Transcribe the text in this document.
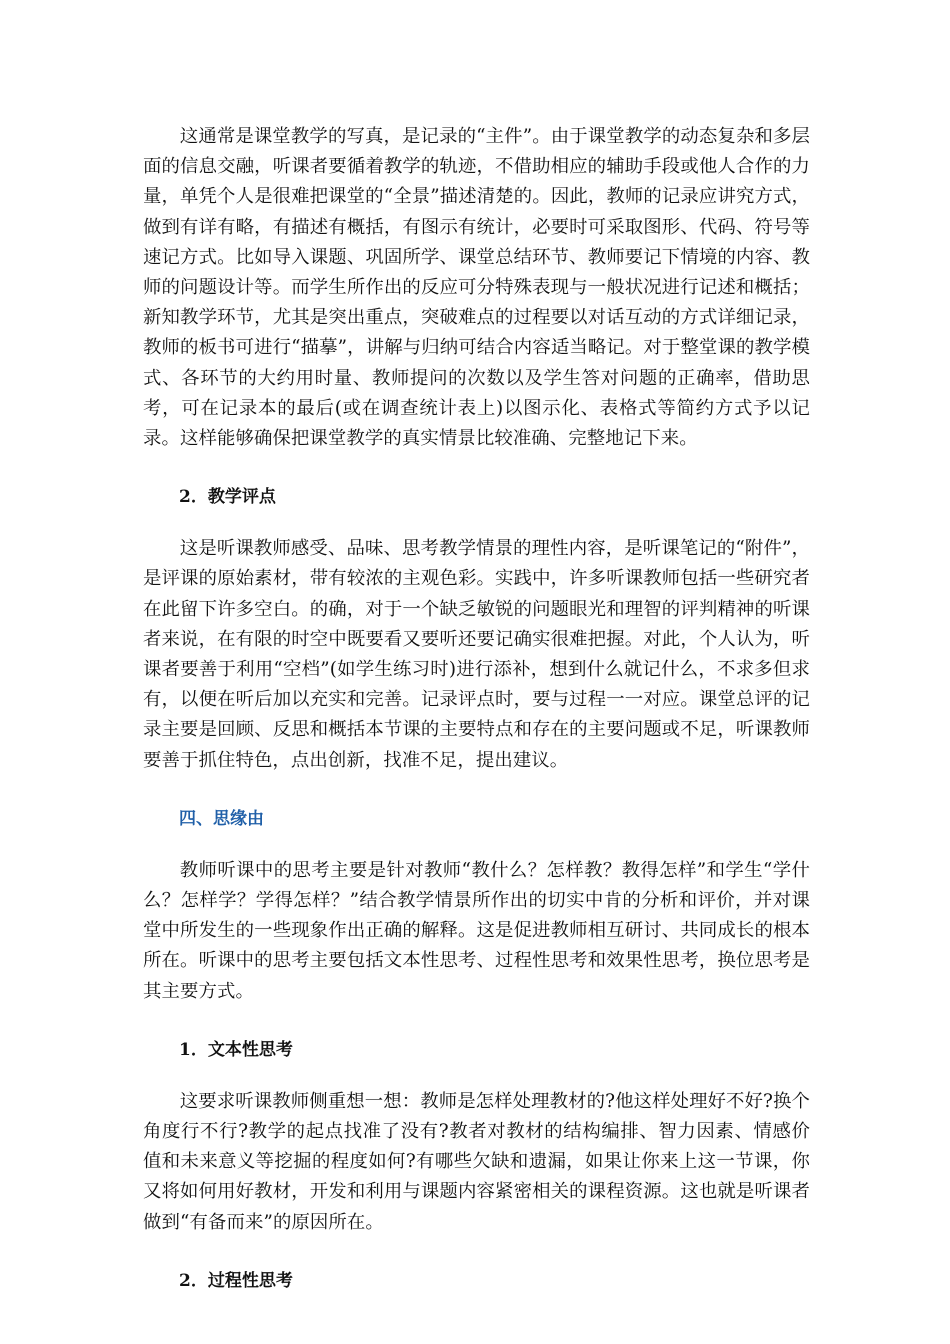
这通常是课堂教学的写真，是记录的“主件”。由于课堂教学的动态复杂和多层面的信息交融，听课者要循着教学的轨迹，不借助相应的辅助手段或他人合作的力量，单凭个人是很难把课堂的“全景”描述清楚的。因此，教师的记录应讲究方式，做到有详有略，有描述有概括，有图示有统计，必要时可采取图形、代码、符号等速记方式。比如导入课题、巩固所学、课堂总结环节、教师要记下情境的内容、教师的问题设计等。而学生所作出的反应可分特殊表现与一般状况进行记述和概括；新知教学环节，尤其是突出重点，突破难点的过程要以对话互动的方式详细记录，教师的板书可进行“描摹”，讲解与归纳可结合内容适当略记。对于整堂课的教学模式、各环节的大约用时量、教师提问的次数以及学生答对问题的正确率，借助思考，可在记录本的最后(或在调查统计表上)以图示化、表格式等简约方式予以记录。这样能够确保把课堂教学的真实情景比较准确、完整地记下来。

2．教学评点

这是听课教师感受、品味、思考教学情景的理性内容，是听课笔记的“附件”，是评课的原始素材，带有较浓的主观色彩。实践中，许多听课教师包括一些研究者在此留下许多空白。的确，对于一个缺乏敏锐的问题眼光和理智的评判精神的听课者来说，在有限的时空中既要看又要听还要记确实很难把握。对此，个人认为，听课者要善于利用“空档”(如学生练习时)进行添补，想到什么就记什么，不求多但求有，以便在听后加以充实和完善。记录评点时，要与过程一一对应。课堂总评的记录主要是回顾、反思和概括本节课的主要特点和存在的主要问题或不足，听课教师要善于抓住特色，点出创新，找准不足，提出建议。

四、思缘由

教师听课中的思考主要是针对教师“教什么？怎样教？教得怎样”和学生“学什么？怎样学？学得怎样？”结合教学情景所作出的切实中肯的分析和评价，并对课堂中所发生的一些现象作出正确的解释。这是促进教师相互研讨、共同成长的根本所在。听课中的思考主要包括文本性思考、过程性思考和效果性思考，换位思考是其主要方式。

1．文本性思考

这要求听课教师侧重想一想：教师是怎样处理教材的?他这样处理好不好?换个角度行不行?教学的起点找准了没有?教者对教材的结构编排、智力因素、情感价值和未来意义等挖掘的程度如何?有哪些欠缺和遗漏，如果让你来上这一节课，你又将如何用好教材，开发和利用与课题内容紧密相关的课程资源。这也就是听课者做到“有备而来”的原因所在。

2．过程性思考
